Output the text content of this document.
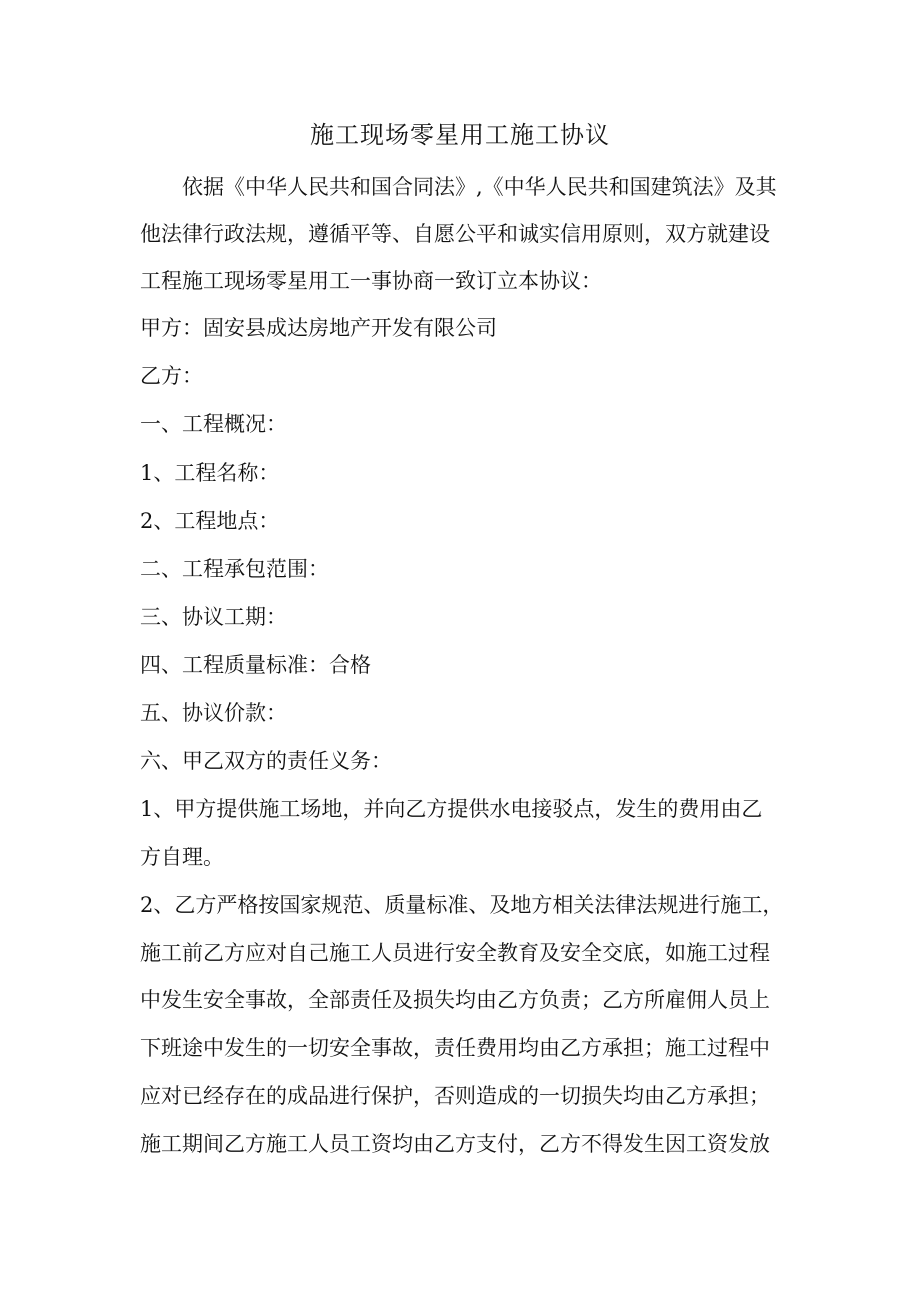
施工现场零星用工施工协议
依据《中华人民共和国合同法》,《中华人民共和国建筑法》及其
他法律行政法规，遵循平等、自愿公平和诚实信用原则，双方就建设
工程施工现场零星用工一事协商一致订立本协议：
甲方：固安县成达房地产开发有限公司
乙方：
一、工程概况：
1、工程名称：
2、工程地点：
二、工程承包范围：
三、协议工期：
四、工程质量标准：合格
五、协议价款：
六、甲乙双方的责任义务：
1、甲方提供施工场地，并向乙方提供水电接驳点，发生的费用由乙
方自理。
2、乙方严格按国家规范、质量标准、及地方相关法律法规进行施工，
施工前乙方应对自己施工人员进行安全教育及安全交底，如施工过程
中发生安全事故，全部责任及损失均由乙方负责；乙方所雇佣人员上
下班途中发生的一切安全事故，责任费用均由乙方承担；施工过程中
应对已经存在的成品进行保护，否则造成的一切损失均由乙方承担；
施工期间乙方施工人员工资均由乙方支付，乙方不得发生因工资发放
